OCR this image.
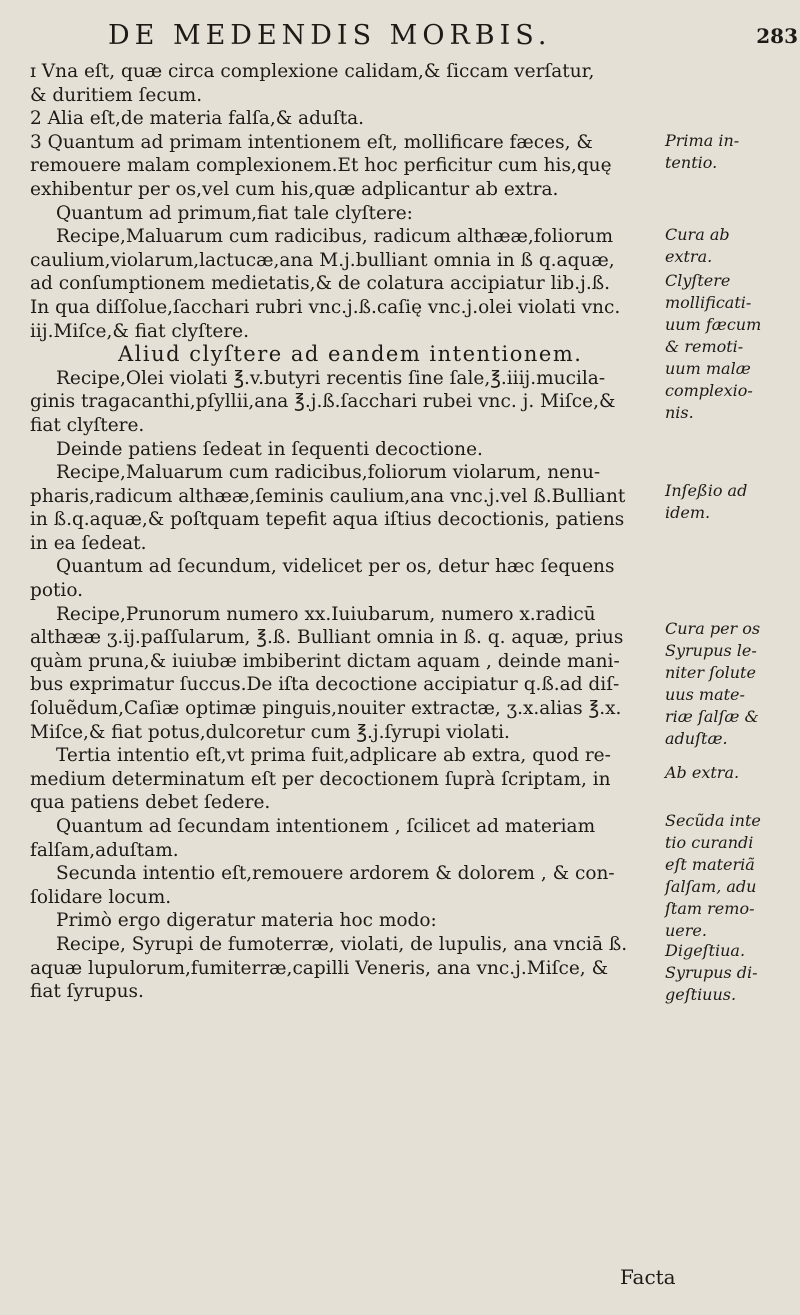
DE MEDENDIS MORBIS.	283
ɪ Vna eſt, quæ circa complexione calidam,& ſiccam verſatur,
& duritiem ſecum.
2 Alia eſt,de materia falſa,& aduſta.
3 Quantum ad primam intentionem eſt, mollificare fæces, &
remouere malam complexionem.Et hoc perficitur cum his,quę
exhibentur per os,vel cum his,quæ adplicantur ab extra.
Quantum ad primum,fiat tale clyſtere:
Recipe,Maluarum cum radicibus, radicum althææ,foliorum
caulium,violarum,lactucæ,ana M.j.bulliant omnia in ß q.aquæ,
ad conſumptionem medietatis,& de colatura accipiatur lib.j.ß.
In qua diſſolue,ſacchari rubri vnc.j.ß.caſię vnc.j.olei violati vnc.
iij.Miſce,& fiat clyſtere.
Aliud clyſtere ad eandem intentionem.
Recipe,Olei violati ℥.v.butyri recentis ſine ſale,℥.iiij.mucila-
ginis tragacanthi,pſyllii,ana ℥.j.ß.ſacchari rubei vnc. j. Miſce,&
fiat clyſtere.
Deinde patiens ſedeat in ſequenti decoctione.
Recipe,Maluarum cum radicibus,foliorum violarum, nenu-
pharis,radicum althææ,ſeminis caulium,ana vnc.j.vel ß.Bulliant
in ß.q.aquæ,& poſtquam tepefit aqua iſtius decoctionis, patiens
in ea ſedeat.
Quantum ad ſecundum, videlicet per os, detur hæc ſequens
potio.
Recipe,Prunorum numero xx.Iuiubarum, numero x.radicū
althææ ʒ.ij.paſſularum, ℥.ß. Bulliant omnia in ß. q. aquæ, prius
quàm pruna,& iuiubæ imbiberint dictam aquam , deinde mani-
bus exprimatur ſuccus.De iſta decoctione accipiatur q.ß.ad diſ-
ſoluẽdum,Caſiæ optimæ pinguis,nouiter extractæ, ʒ.x.alias ℥.x.
Miſce,& fiat potus,dulcoretur cum ℥.j.ſyrupi violati.
Tertia intentio eſt,vt prima fuit,adplicare ab extra, quod re-
medium determinatum eſt per decoctionem ſuprà ſcriptam, in
qua patiens debet ſedere.
Quantum ad ſecundam intentionem , ſcilicet ad materiam
falſam,aduſtam.
Secunda intentio eſt,remouere ardorem & dolorem , & con-
ſolidare locum.
Primò ergo digeratur materia hoc modo:
Recipe, Syrupi de fumoterræ, violati, de lupulis, ana vnciā ß.
aquæ lupulorum,fumiterræ,capilli Veneris, ana vnc.j.Miſce, &
fiat ſyrupus.
Prima in-
tentio.
Cura ab
extra.
Clyſtere
mollificati-
uum fæcum
& remoti-
uum malæ
complexio-
nis.
Inſeßio ad
idem.
Cura per os
Syrupus le-
niter ſolute
uus mate-
riæ ſalſæ &
aduſtæ.
Ab extra.
Secũda inte
tio curandi
eſt materiã
ſalſam, adu
ſtam remo-
uere.
Digeſtiua.
Syrupus di-
geſtiuus.
Facta
